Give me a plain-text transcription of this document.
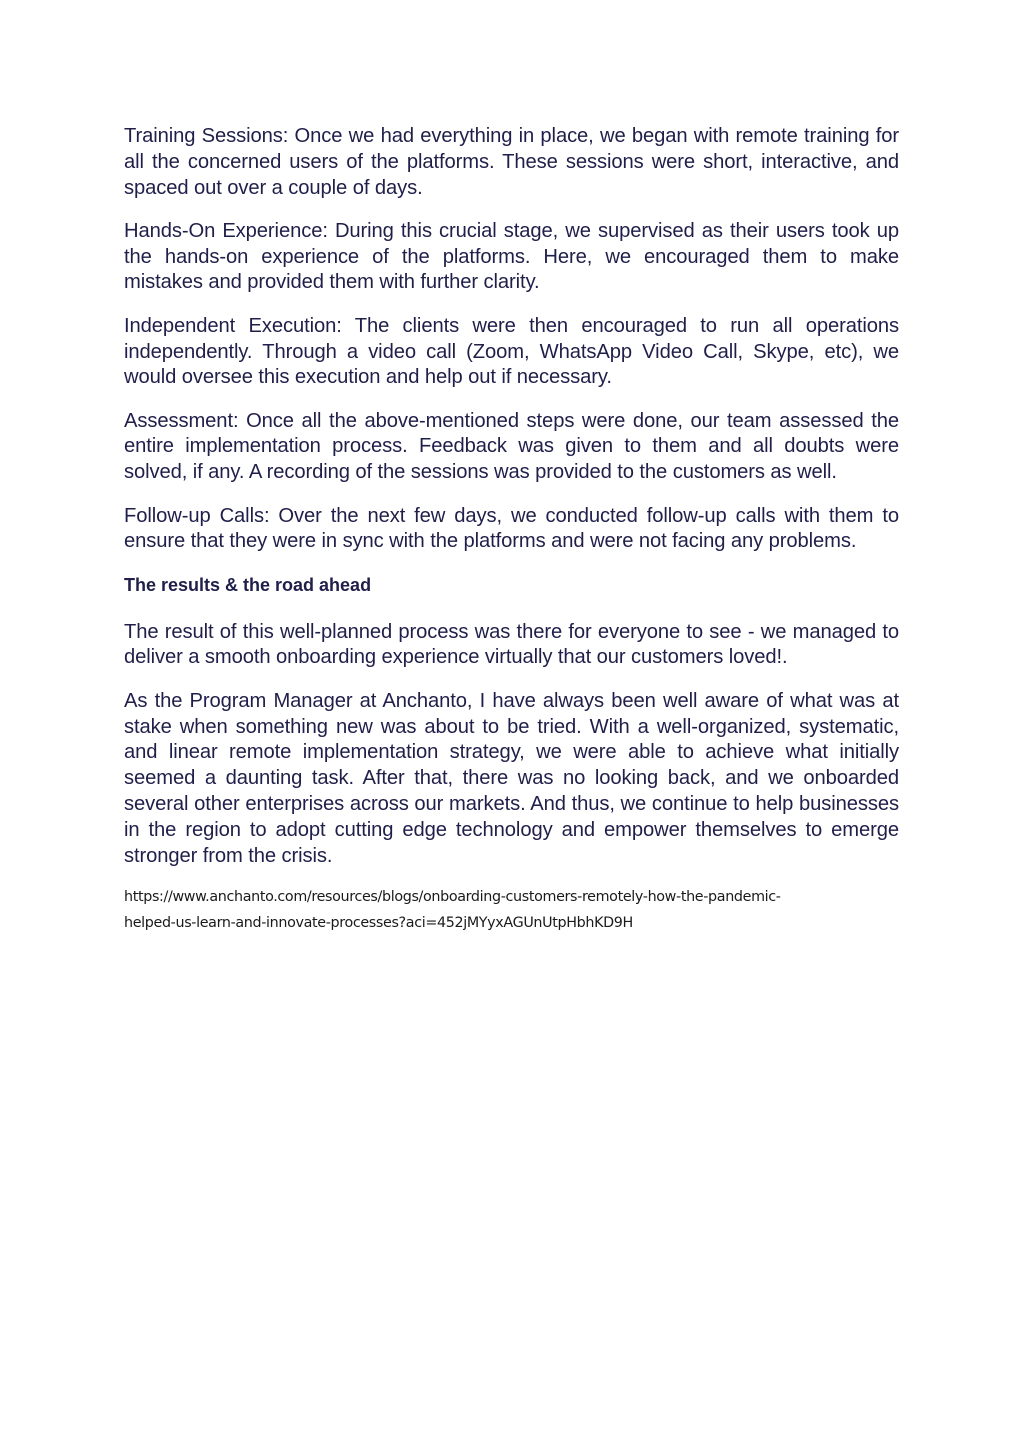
Training Sessions: Once we had everything in place, we began with remote training for all the concerned users of the platforms. These sessions were short, interactive, and spaced out over a couple of days.

Hands-On Experience: During this crucial stage, we supervised as their users took up the hands-on experience of the platforms. Here, we encouraged them to make mistakes and provided them with further clarity.

Independent Execution: The clients were then encouraged to run all operations independently. Through a video call (Zoom, WhatsApp Video Call, Skype, etc), we would oversee this execution and help out if necessary.

Assessment: Once all the above-mentioned steps were done, our team assessed the entire implementation process. Feedback was given to them and all doubts were solved, if any. A recording of the sessions was provided to the customers as well.

Follow-up Calls: Over the next few days, we conducted follow-up calls with them to ensure that they were in sync with the platforms and were not facing any problems.

The results & the road ahead

The result of this well-planned process was there for everyone to see - we managed to deliver a smooth onboarding experience virtually that our customers loved!.

As the Program Manager at Anchanto, I have always been well aware of what was at stake when something new was about to be tried. With a well-organized, systematic, and linear remote implementation strategy, we were able to achieve what initially seemed a daunting task. After that, there was no looking back, and we onboarded several other enterprises across our markets. And thus, we continue to help businesses in the region to adopt cutting edge technology and empower themselves to emerge stronger from the crisis.

https://www.anchanto.com/resources/blogs/onboarding-customers-remotely-how-the-pandemic-
helped-us-learn-and-innovate-processes?aci=452jMYyxAGUnUtpHbhKD9H
